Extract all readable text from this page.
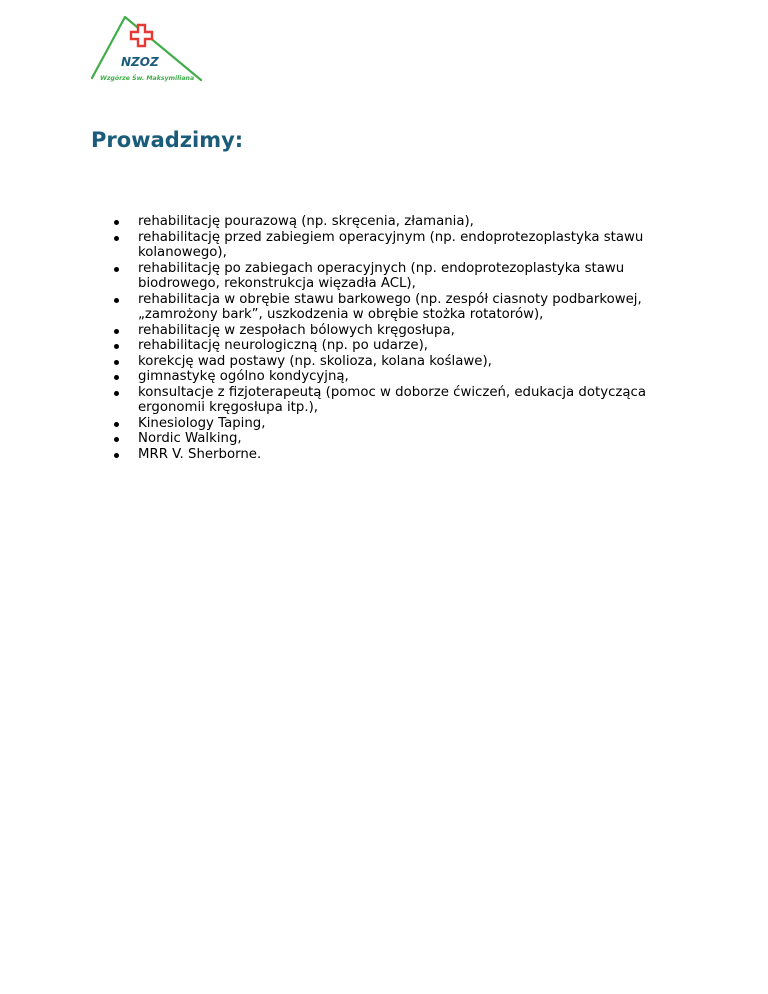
NZOZ
Wzgórze Św. Maksymiliana
Prowadzimy:
rehabilitację pourazową (np. skręcenia, złamania),
rehabilitację przed zabiegiem operacyjnym (np. endoprotezoplastyka stawu kolanowego),
rehabilitację po zabiegach operacyjnych (np. endoprotezoplastyka stawu biodrowego, rekonstrukcja więzadła ACL),
rehabilitacja w obrębie stawu barkowego (np. zespół ciasnoty podbarkowej, „zamrożony bark”, uszkodzenia w obrębie stożka rotatorów),
rehabilitację w zespołach bólowych kręgosłupa,
rehabilitację neurologiczną (np. po udarze),
korekcję wad postawy (np. skolioza, kolana koślawe),
gimnastykę ogólno kondycyjną,
konsultacje z fizjoterapeutą (pomoc w doborze ćwiczeń, edukacja dotycząca ergonomii kręgosłupa itp.),
Kinesiology Taping,
Nordic Walking,
MRR V. Sherborne.
